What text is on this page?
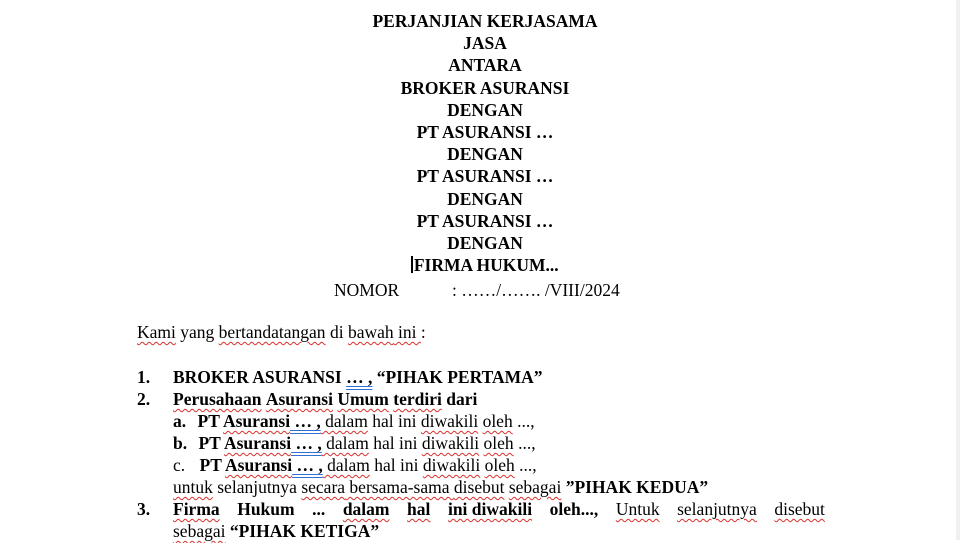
PERJANJIAN KERJASAMA
JASA
ANTARA
BROKER ASURANSI
DENGAN
PT ASURANSI …
DENGAN
PT ASURANSI …
DENGAN
PT ASURANSI …
DENGAN
FIRMA HUKUM...
NOMOR	: ……/……. /VIII/2024
Kami yang bertandatangan di bawah ini :
1. BROKER ASURANSI … , “PIHAK PERTAMA”
2. Perusahaan Asuransi Umum terdiri dari
a. PT Asuransi … , dalam hal ini diwakili oleh ...,
b. PT Asuransi … , dalam hal ini diwakili oleh ...,
c. PT Asuransi … , dalam hal ini diwakili oleh ...,
untuk selanjutnya secara bersama-sama disebut sebagai ”PIHAK KEDUA”
3. Firma Hukum ... dalam hal ini diwakili oleh..., Untuk selanjutnya disebut
sebagai “PIHAK KETIGA”
